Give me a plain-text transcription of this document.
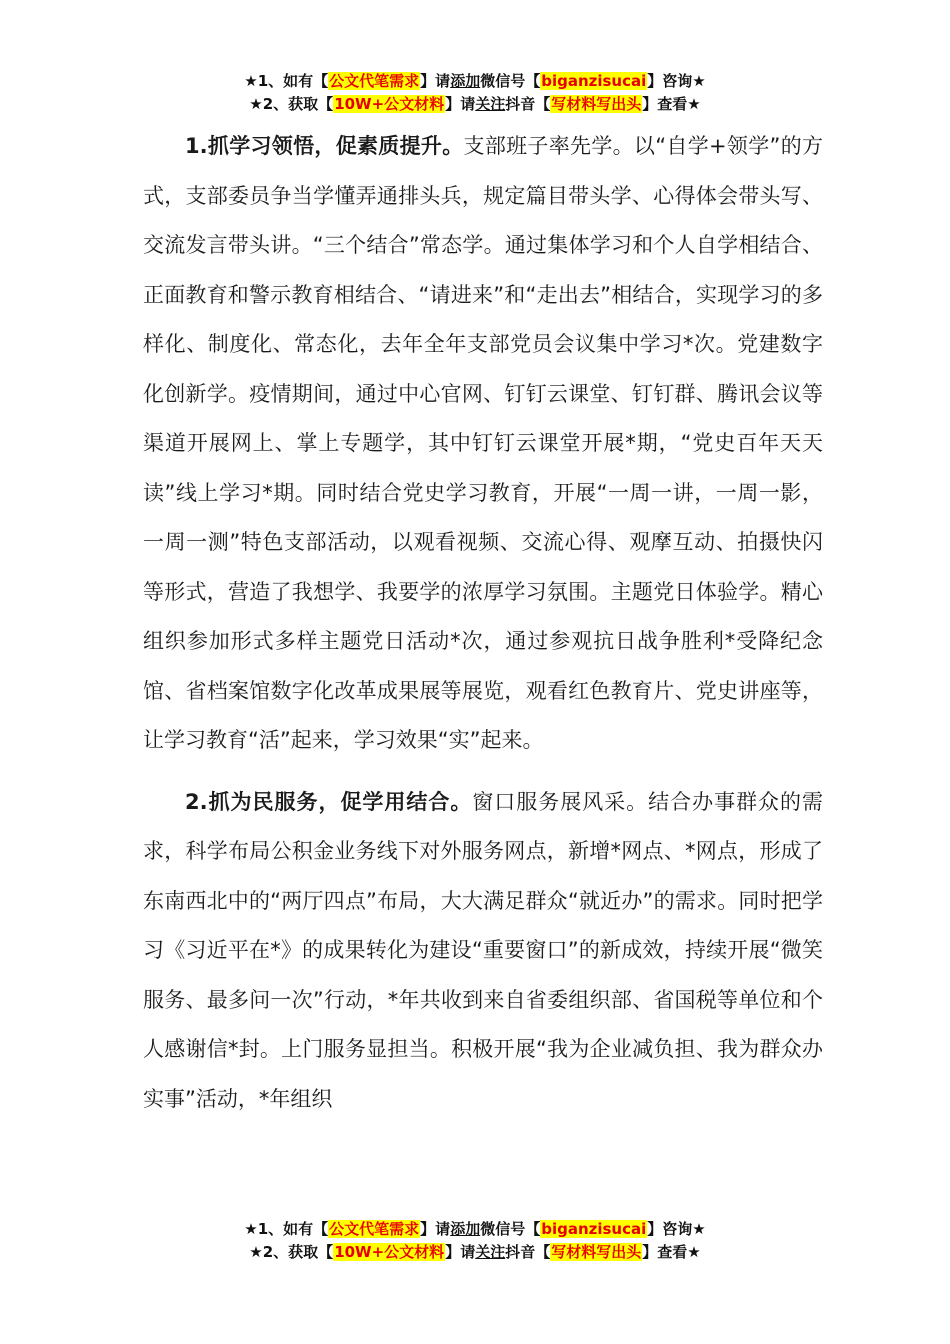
★1、如有【公文代笔需求】请添加微信号【biganzisucai】咨询★
★2、获取【10W+公文材料】请关注抖音【写材料写出头】查看★

1.抓学习领悟，促素质提升。支部班子率先学。以“自学+领学”的方式，支部委员争当学懂弄通排头兵，规定篇目带头学、心得体会带头写、交流发言带头讲。“三个结合”常态学。通过集体学习和个人自学相结合、正面教育和警示教育相结合、“请进来”和“走出去”相结合，实现学习的多样化、制度化、常态化，去年全年支部党员会议集中学习*次。党建数字化创新学。疫情期间，通过中心官网、钉钉云课堂、钉钉群、腾讯会议等渠道开展网上、掌上专题学，其中钉钉云课堂开展*期，“党史百年天天读”线上学习*期。同时结合党史学习教育，开展“一周一讲，一周一影，一周一测”特色支部活动，以观看视频、交流心得、观摩互动、拍摄快闪等形式，营造了我想学、我要学的浓厚学习氛围。主题党日体验学。精心组织参加形式多样主题党日活动*次，通过参观抗日战争胜利*受降纪念馆、省档案馆数字化改革成果展等展览，观看红色教育片、党史讲座等，让学习教育“活”起来，学习效果“实”起来。

2.抓为民服务，促学用结合。窗口服务展风采。结合办事群众的需求，科学布局公积金业务线下对外服务网点，新增*网点、*网点，形成了东南西北中的“两厅四点”布局，大大满足群众“就近办”的需求。同时把学习《习近平在*》的成果转化为建设“重要窗口”的新成效，持续开展“微笑服务、最多问一次”行动，*年共收到来自省委组织部、省国税等单位和个人感谢信*封。上门服务显担当。积极开展“我为企业减负担、我为群众办实事”活动，*年组织

★1、如有【公文代笔需求】请添加微信号【biganzisucai】咨询★
★2、获取【10W+公文材料】请关注抖音【写材料写出头】查看★
